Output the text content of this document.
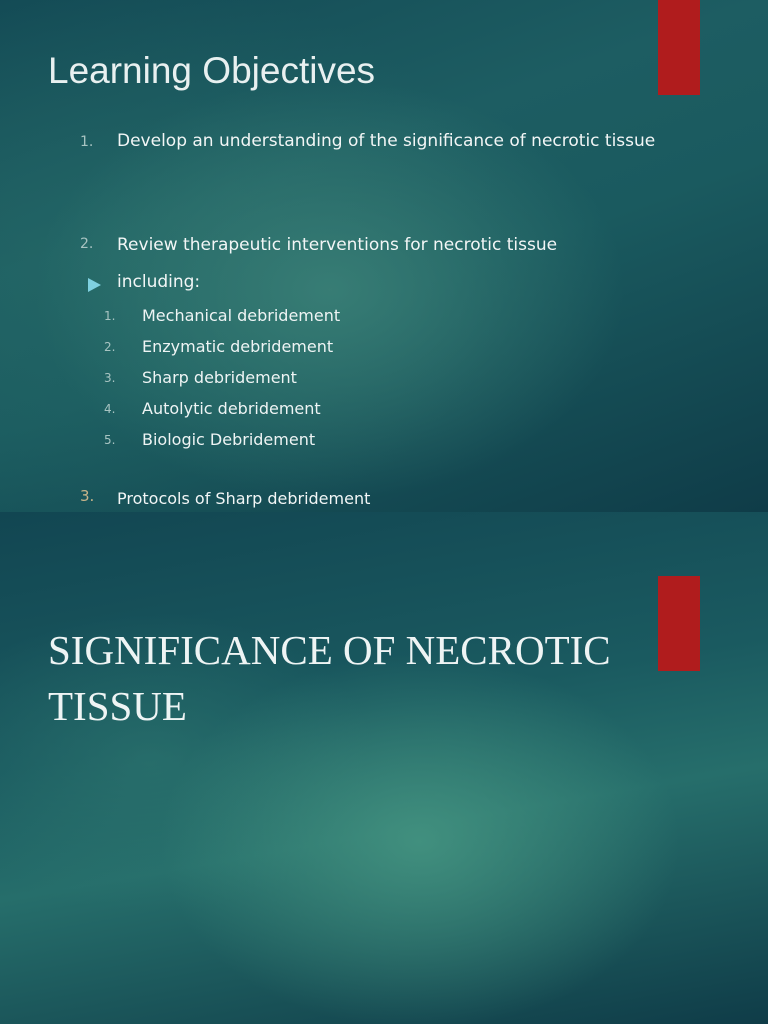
Learning Objectives
1. Develop an understanding of the significance of necrotic tissue
2. Review therapeutic interventions for necrotic tissue
including:
1. Mechanical debridement
2. Enzymatic debridement
3. Sharp debridement
4. Autolytic debridement
5. Biologic Debridement
3. Protocols of Sharp debridement
SIGNIFICANCE OF NECROTIC
TISSUE
